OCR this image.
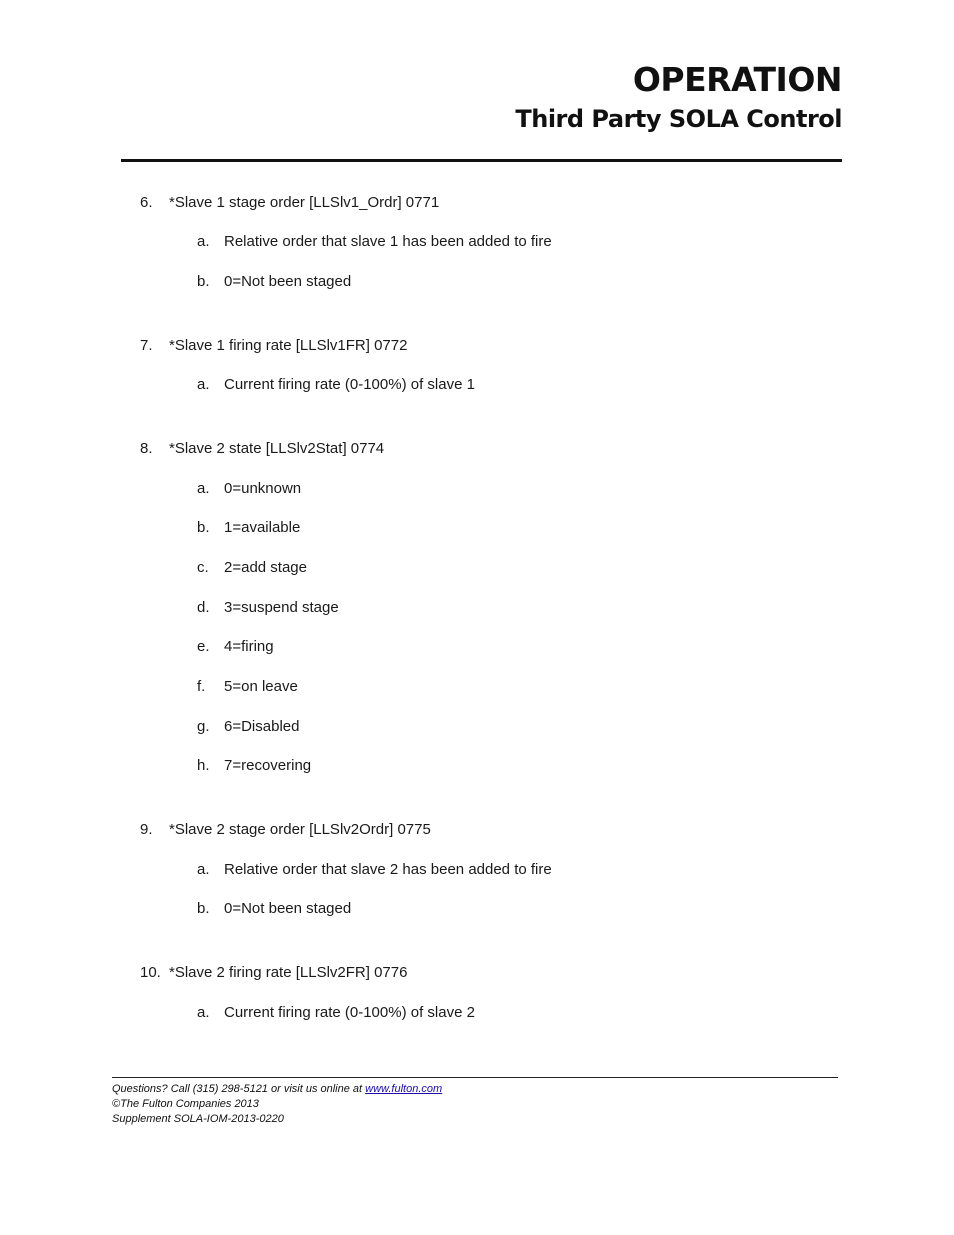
OPERATION
Third Party SOLA Control
6. *Slave 1 stage order [LLSlv1_Ordr] 0771
a. Relative order that slave 1 has been added to fire
b. 0=Not been staged
7. *Slave 1 firing rate [LLSlv1FR] 0772
a. Current firing rate (0-100%) of slave 1
8. *Slave 2 state [LLSlv2Stat] 0774
a. 0=unknown
b. 1=available
c. 2=add stage
d. 3=suspend stage
e. 4=firing
f. 5=on leave
g. 6=Disabled
h. 7=recovering
9. *Slave 2 stage order [LLSlv2Ordr] 0775
a. Relative order that slave 2 has been added to fire
b. 0=Not been staged
10. *Slave 2 firing rate [LLSlv2FR] 0776
a. Current firing rate (0-100%) of slave 2
Questions? Call (315) 298-5121 or visit us online at www.fulton.com
©The Fulton Companies 2013
Supplement SOLA-IOM-2013-0220
